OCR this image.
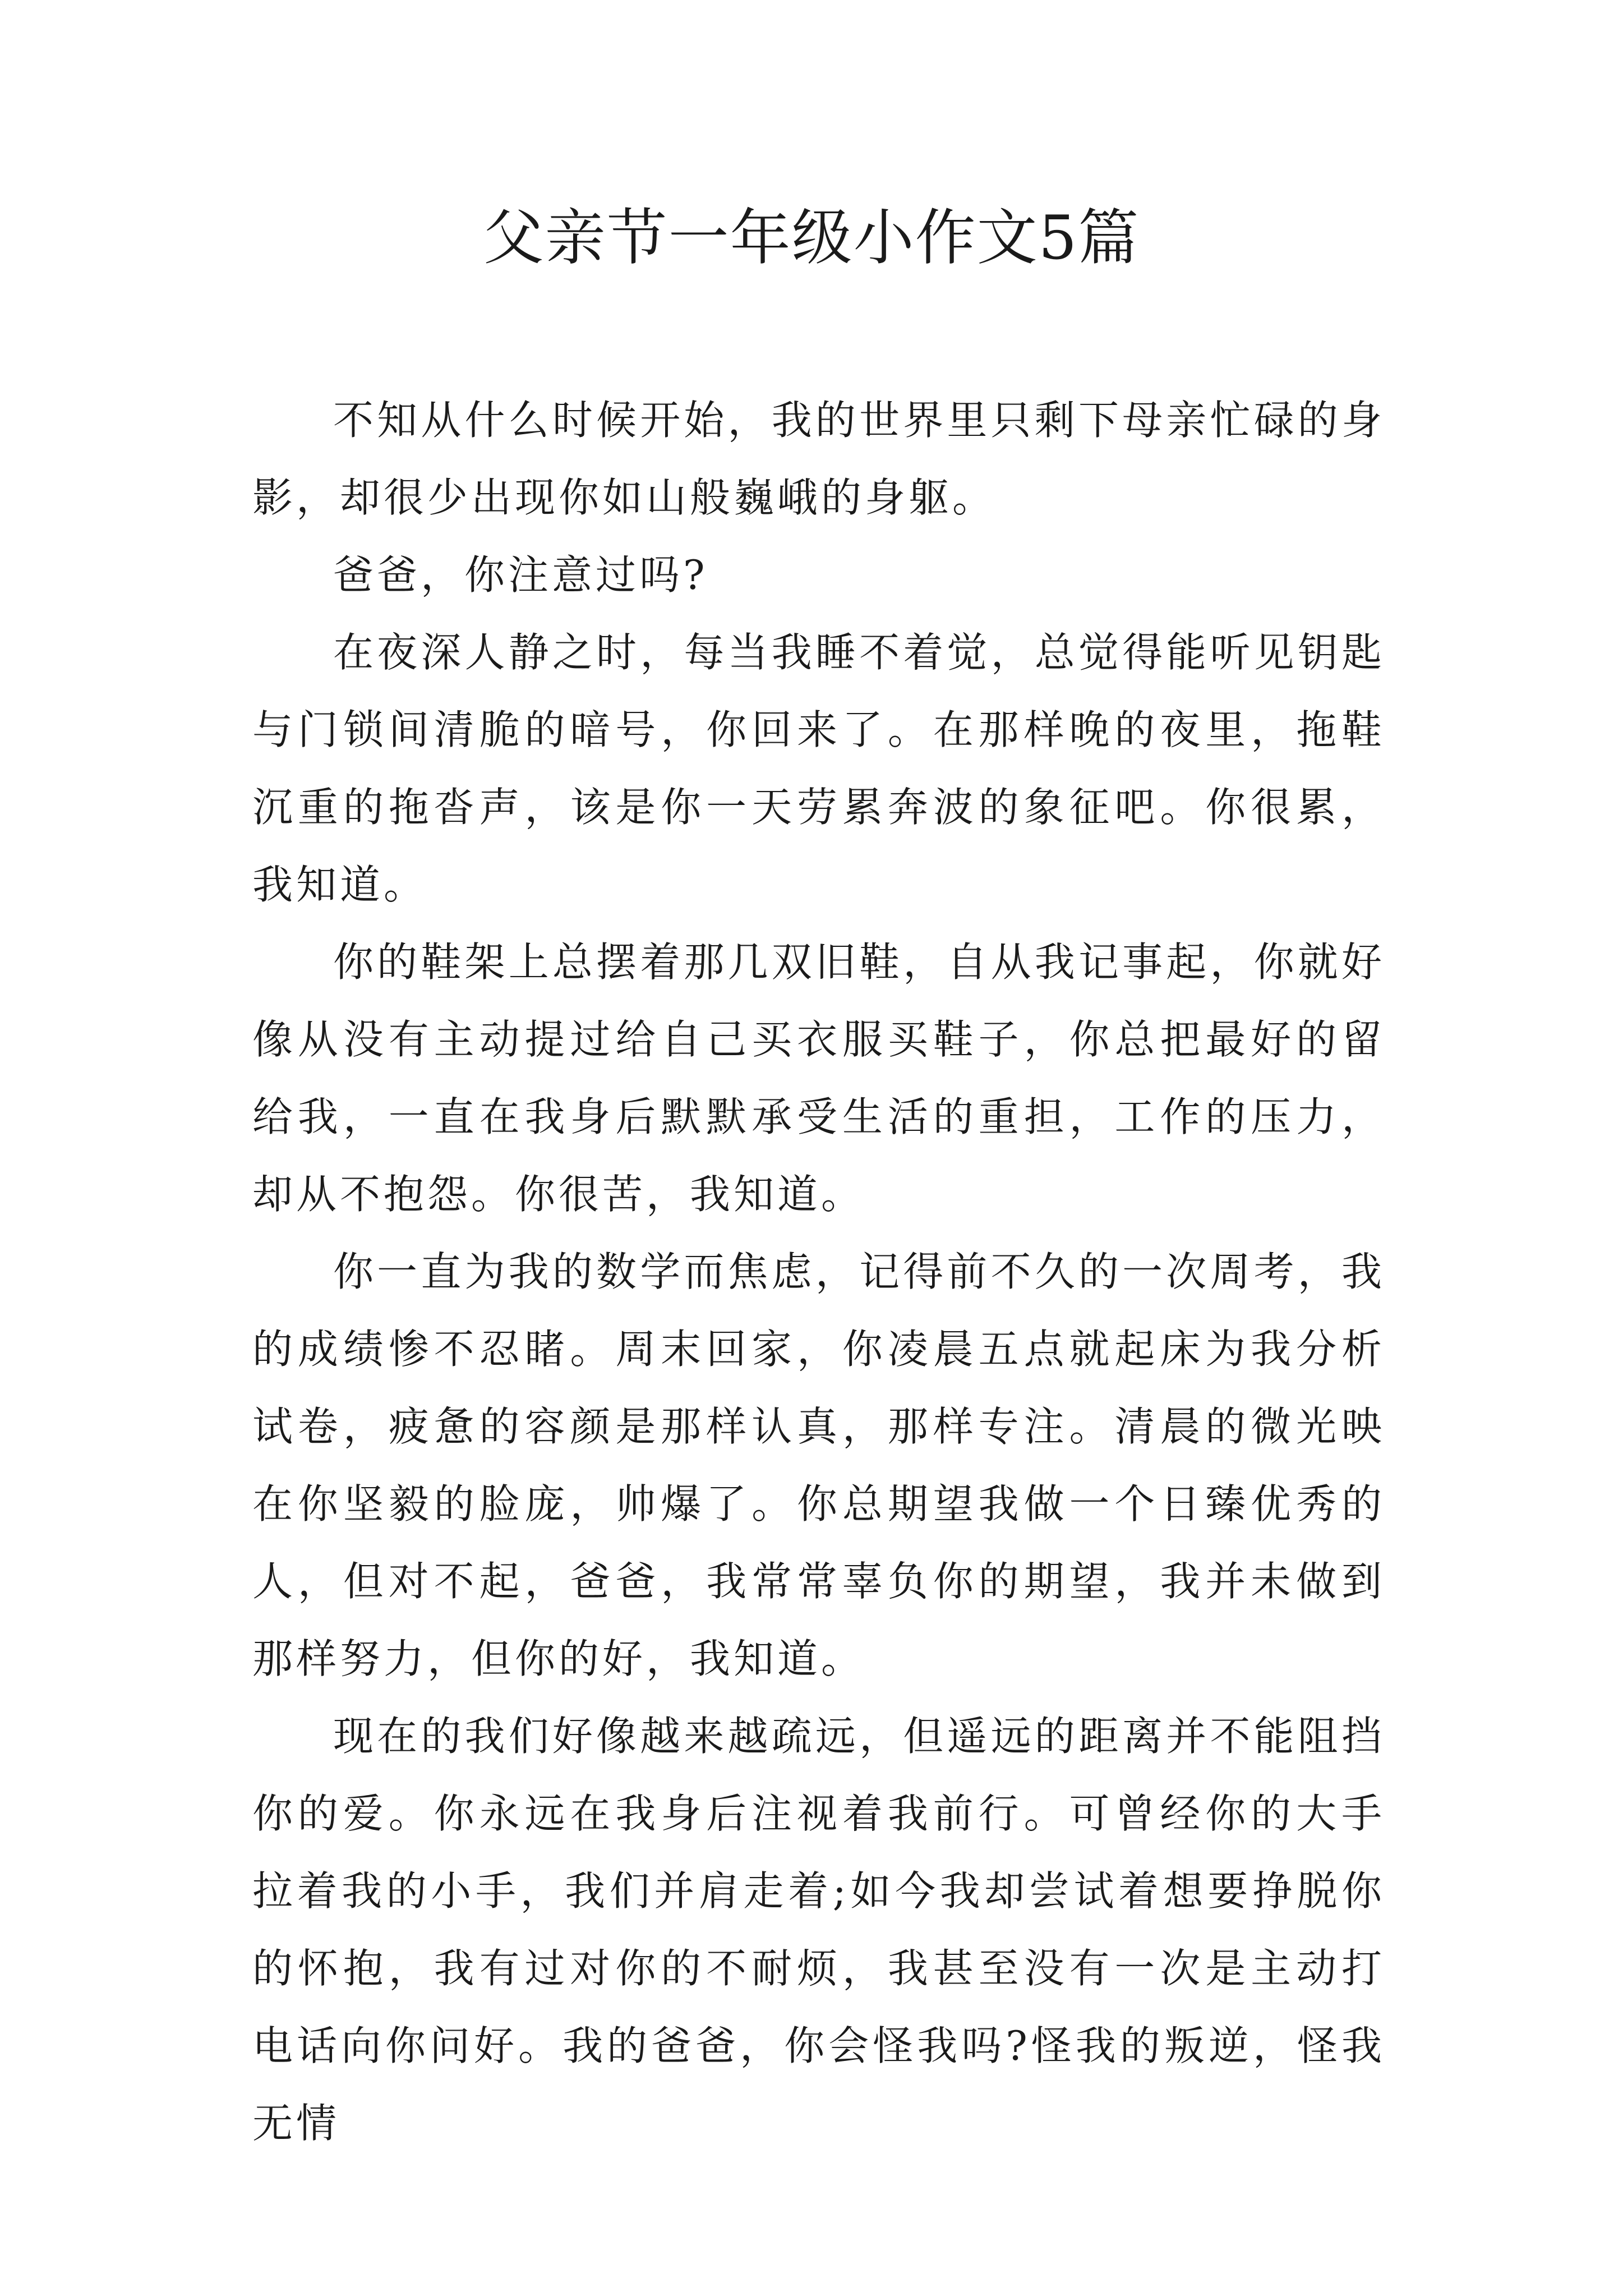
父亲节一年级小作文5篇

不知从什么时候开始，我的世界里只剩下母亲忙碌的身影，却很少出现你如山般巍峨的身躯。

爸爸，你注意过吗?

在夜深人静之时，每当我睡不着觉，总觉得能听见钥匙与门锁间清脆的暗号，你回来了。在那样晚的夜里，拖鞋沉重的拖沓声，该是你一天劳累奔波的象征吧。你很累，我知道。

你的鞋架上总摆着那几双旧鞋，自从我记事起，你就好像从没有主动提过给自己买衣服买鞋子，你总把最好的留给我，一直在我身后默默承受生活的重担，工作的压力，却从不抱怨。你很苦，我知道。

你一直为我的数学而焦虑，记得前不久的一次周考，我的成绩惨不忍睹。周末回家，你凌晨五点就起床为我分析试卷，疲惫的容颜是那样认真，那样专注。清晨的微光映在你坚毅的脸庞，帅爆了。你总期望我做一个日臻优秀的人，但对不起，爸爸，我常常辜负你的期望，我并未做到那样努力，但你的好，我知道。

现在的我们好像越来越疏远，但遥远的距离并不能阻挡你的爱。你永远在我身后注视着我前行。可曾经你的大手拉着我的小手，我们并肩走着;如今我却尝试着想要挣脱你的怀抱，我有过对你的不耐烦，我甚至没有一次是主动打电话向你问好。我的爸爸，你会怪我吗?怪我的叛逆，怪我无情
